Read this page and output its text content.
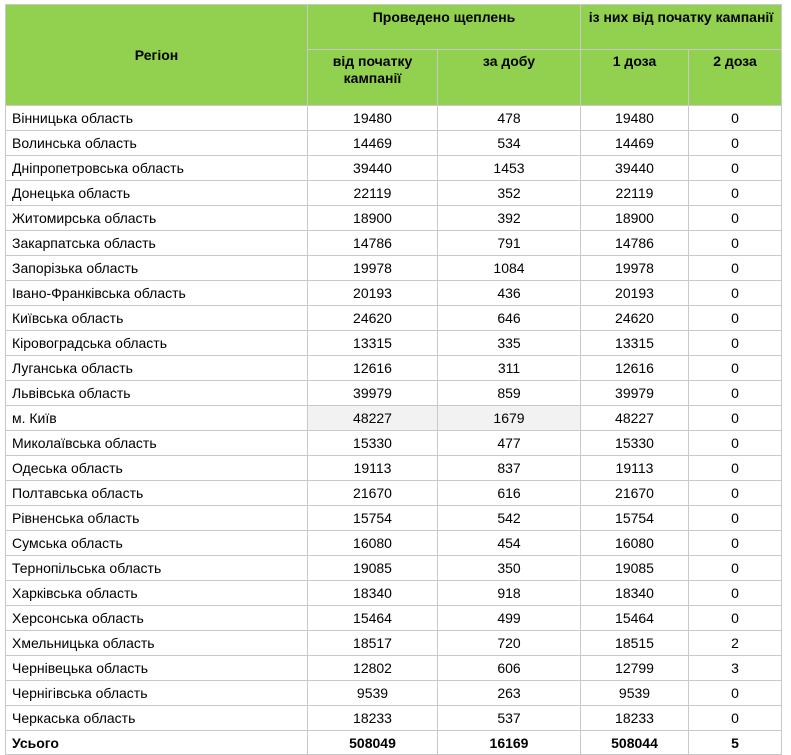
Регіон	Проведено щеплень		із них від початку кампанії	
	від початку кампанії	за добу	1 доза	2 доза
Вінницька область	19480	478	19480	0
Волинська область	14469	534	14469	0
Дніпропетровська область	39440	1453	39440	0
Донецька область	22119	352	22119	0
Житомирська область	18900	392	18900	0
Закарпатська область	14786	791	14786	0
Запорізька область	19978	1084	19978	0
Івано-Франківська область	20193	436	20193	0
Київська область	24620	646	24620	0
Кіровоградська область	13315	335	13315	0
Луганська область	12616	311	12616	0
Львівська область	39979	859	39979	0
м. Київ	48227	1679	48227	0
Миколаївська область	15330	477	15330	0
Одеська область	19113	837	19113	0
Полтавська область	21670	616	21670	0
Рівненська область	15754	542	15754	0
Сумська область	16080	454	16080	0
Тернопільська область	19085	350	19085	0
Харківська область	18340	918	18340	0
Херсонська область	15464	499	15464	0
Хмельницька область	18517	720	18515	2
Чернівецька область	12802	606	12799	3
Чернігівська область	9539	263	9539	0
Черкаська область	18233	537	18233	0
Усього	508049	16169	508044	5
